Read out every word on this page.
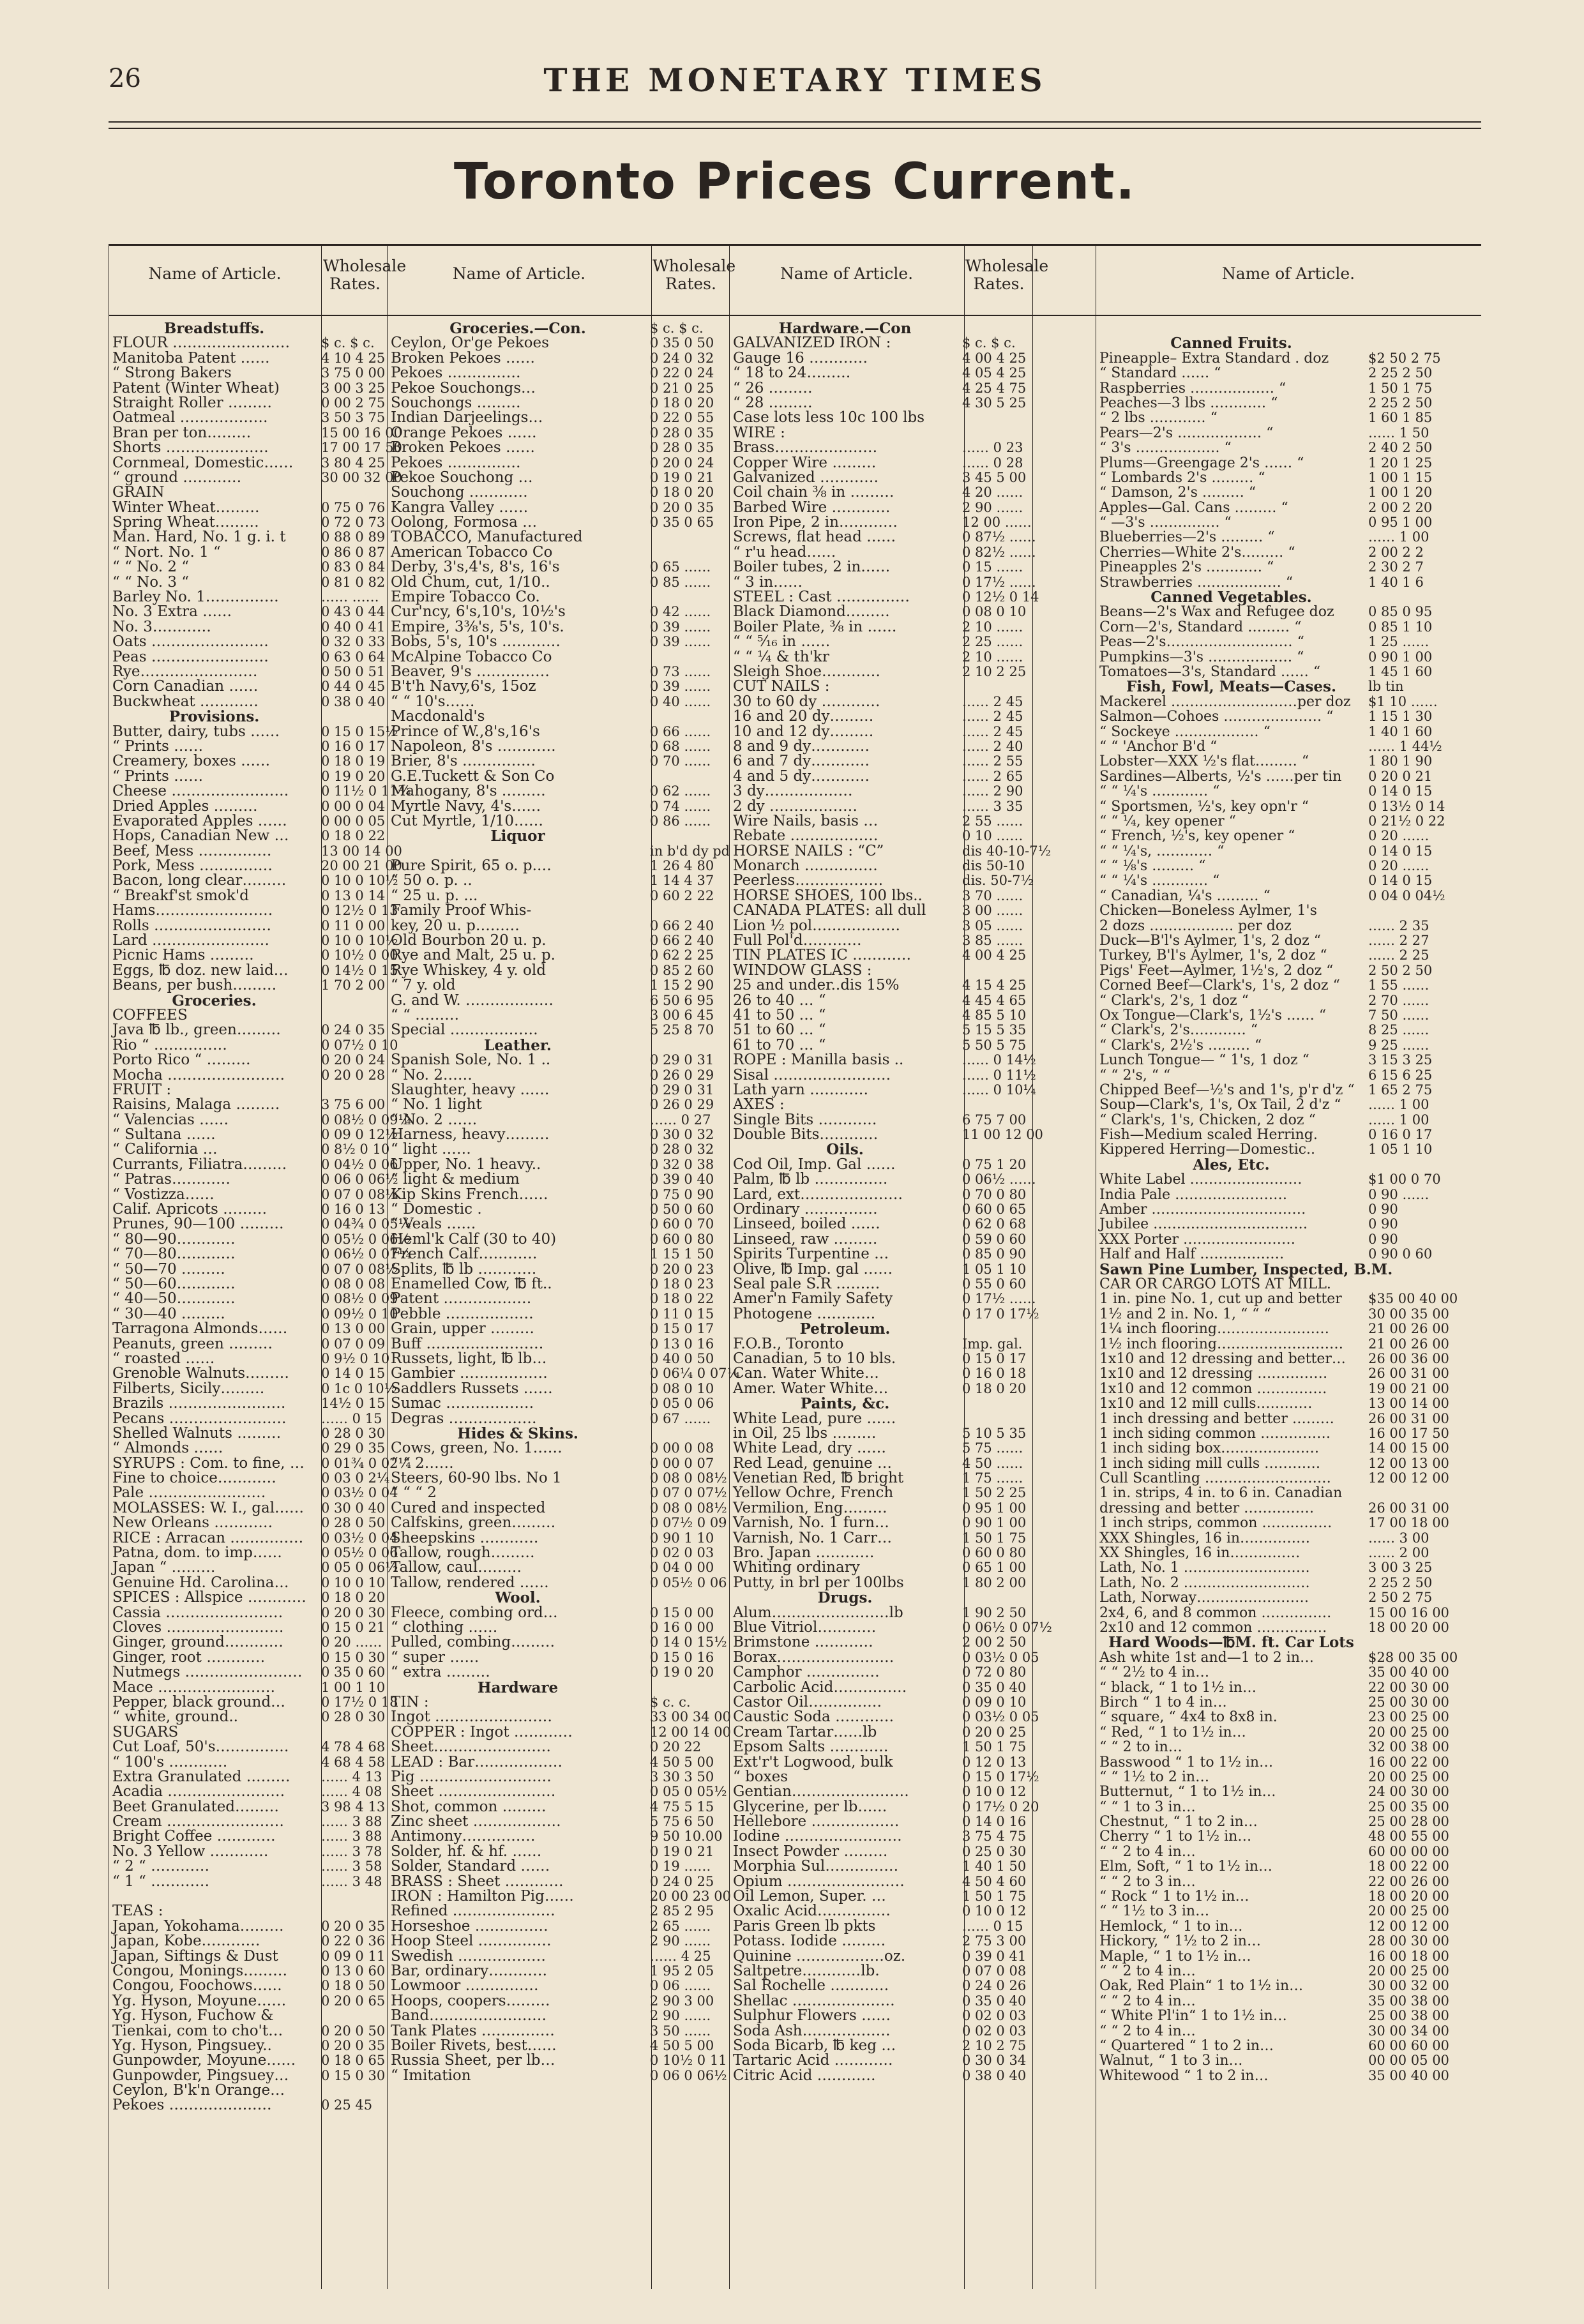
26	THE MONETARY TIMES
Toronto Prices Current.
Name of Article.	Wholesale Rates.
Name of Article.	Wholesale Rates.
Name of Article.	Wholesale Rates.
Name of Article.
Breadstuffs.
FLOUR ……………………	$ c. $ c.
Manitoba Patent ……	4 10 4 25
“ Strong Bakers	3 75 0 00
Patent (Winter Wheat)	3 00 3 25
Straight Roller ………	0 00 2 75
Oatmeal ………………	3 50 3 75
Bran per ton………	15 00 16 00
Shorts …………………	17 00 17 50
Cornmeal, Domestic……	3 80 4 25
“ ground …………	30 00 32 00
GRAIN
Winter Wheat………	0 75 0 76
Spring Wheat………	0 72 0 73
Man. Hard, No. 1 g. i. t	0 88 0 89
“ Nort. No. 1 “	0 86 0 87
“ “ No. 2 “	0 83 0 84
“ “ No. 3 “	0 81 0 82
Barley No. 1……………	…… ……
No. 3 Extra ……	0 43 0 44
No. 3…………	0 40 0 41
Oats ……………………	0 32 0 33
Peas ……………………	0 63 0 64
Rye……………………	0 50 0 51
Corn Canadian ……	0 44 0 45
Buckwheat …………	0 38 0 40
Provisions.
Butter, dairy, tubs ……	0 15 0 15½
“ Prints ……	0 16 0 17
Creamery, boxes ……	0 18 0 19
“ Prints ……	0 19 0 20
Cheese ……………………	0 11½ 0 11¾
Dried Apples ………	0 00 0 04
Evaporated Apples ……	0 00 0 05
Hops, Canadian New …	0 18 0 22
Beef, Mess ……………	13 00 14 00
Pork, Mess ……………	20 00 21 00
Bacon, long clear………	0 10 0 10½
“ Breakf'st smok'd	0 13 0 14
Hams……………………	0 12½ 0 13
Rolls ……………………	0 11 0 00
Lard ……………………	0 10 0 10½
Picnic Hams ………	0 10½ 0 00
Eggs, ℔ doz. new laid…	0 14½ 0 15
Beans, per bush………	1 70 2 00
Groceries.
COFFEES
Java ℔ lb., green………	0 24 0 35
Rio “ ……………	0 07½ 0 10
Porto Rico “ ………	0 20 0 24
Mocha ……………………	0 20 0 28
FRUIT :
Raisins, Malaga ………	3 75 6 00
“ Valencias ……	0 08½ 0 09¼
“ Sultana ……	0 09 0 12½
“ California …	0 8½ 0 10
Currants, Filiatra………	0 04½ 0 06
“ Patras…………	0 06 0 06½
“ Vostizza……	0 07 0 08¼
Calif. Apricots ………	0 16 0 13
Prunes, 90—100 ………	0 04¾ 0 05¼
“ 80—90…………	0 05½ 0 06½
“ 70—80…………	0 06½ 0 07¼
“ 50—70 ………	0 07 0 08½
“ 50—60…………	0 08 0 08
“ 40—50…………	0 08½ 0 09
“ 30—40 ………	0 09½ 0 10
Tarragona Almonds……	0 13 0 00
Peanuts, green ………	0 07 0 09
“ roasted ……	0 9½ 0 10
Grenoble Walnuts………	0 14 0 15
Filberts, Sicily………	0 1c 0 10½
Brazils ……………………	14½ 0 15
Pecans ……………………	…… 0 15
Shelled Walnuts ………	0 28 0 30
“ Almonds ……	0 29 0 35
SYRUPS : Com. to fine, …	0 01¾ 0 02¼
Fine to choice…………	0 03 0 2¼
Pale ……………………	0 03½ 0 04
MOLASSES: W. I., gal……	0 30 0 40
New Orleans …………	0 28 0 50
RICE : Arracan ……………	0 03½ 0 04
Patna, dom. to imp……	0 05½ 0 06
Japan “ ………	0 05 0 06½
Genuine Hd. Carolina…	0 10 0 10
SPICES : Allspice …………	0 18 0 20
Cassia ……………………	0 20 0 30
Cloves ……………………	0 15 0 21
Ginger, ground…………	0 20 ……
Ginger, root …………	0 15 0 30
Nutmegs ……………………	0 35 0 60
Mace ……………………	1 00 1 10
Pepper, black ground…	0 17½ 0 18
“ white, ground..	0 28 0 30
SUGARS
Cut Loaf, 50's……………	4 78 4 68
“ 100's …………	4 68 4 58
Extra Granulated ………	…… 4 13
Acadia ……………………	…… 4 08
Beet Granulated………	3 98 4 13
Cream ……………………	…… 3 88
Bright Coffee …………	…… 3 88
No. 3 Yellow …………	…… 3 78
“ 2 “ …………	…… 3 58
“ 1 “ …………	…… 3 48
TEAS :
Japan, Yokohama………	0 20 0 35
Japan, Kobe…………	0 22 0 36
Japan, Siftings & Dust	0 09 0 11
Congou, Monings………	0 13 0 60
Congou, Foochows……	0 18 0 50
Yg. Hyson, Moyune……	0 20 0 65
Yg. Hyson, Fuchow &
Tienkai, com to cho't…	0 20 0 50
Yg. Hyson, Pingsuey..	0 20 0 35
Gunpowder, Moyune……	0 18 0 65
Gunpowder, Pingsuey…	0 15 0 30
Ceylon, B'k'n Orange…
Pekoes …………………	0 25 45
Groceries.—Con.	$ c. $ c.
Ceylon, Or'ge Pekoes	0 35 0 50
Broken Pekoes ……	0 24 0 32
Pekoes ……………	0 22 0 24
Pekoe Souchongs…	0 21 0 25
Souchongs ………	0 18 0 20
Indian Darjeelings…	0 22 0 55
Orange Pekoes ……	0 28 0 35
Broken Pekoes ……	0 28 0 35
Pekoes ……………	0 20 0 24
Pekoe Souchong …	0 19 0 21
Souchong …………	0 18 0 20
Kangra Valley ……	0 20 0 35
Oolong, Formosa …	0 35 0 65
TOBACCO, Manufactured
American Tobacco Co
Derby, 3's,4's, 8's, 16's	0 65 ……
Old Chum, cut, 1/10..	0 85 ……
Empire Tobacco Co.
Cur'ncy, 6's,10's, 10½'s	0 42 ……
Empire, 3⅜'s, 5's, 10's.	0 39 ……
Bobs, 5's, 10's …………	0 39 ……
McAlpine Tobacco Co
Beaver, 9's ……………	0 73 ……
B't'h Navy,6's, 15oz	0 39 ……
“ “ 10's……	0 40 ……
Macdonald's
Prince of W.,8's,16's	0 66 ……
Napoleon, 8's …………	0 68 ……
Brier, 8's ……………	0 70 ……
G.E.Tuckett & Son Co
Mahogany, 8's ………	0 62 ……
Myrtle Navy, 4's……	0 74 ……
Cut Myrtle, 1/10……	0 86 ……
Liquor
in b'd dy pd
Pure Spirit, 65 o. p.…	1 26 4 80
“ 50 o. p. ..	1 14 4 37
“ 25 u. p. ...	0 60 2 22
Family Proof Whis-
key, 20 u. p………	0 66 2 40
Old Bourbon 20 u. p.	0 66 2 40
Rye and Malt, 25 u. p.	0 62 2 25
Rye Whiskey, 4 y. old	0 85 2 60
“ 7 y. old	1 15 2 90
G. and W. ………………	6 50 6 95
“ “ ………	3 00 6 45
Special ………………	5 25 8 70
Leather.
Spanish Sole, No. 1 ..	0 29 0 31
“ No. 2……	0 26 0 29
Slaughter, heavy ……	0 29 0 31
“ No. 1 light	0 26 0 29
“ No. 2 ……	…… 0 27
Harness, heavy………	0 30 0 32
“ light ……	0 28 0 32
Upper, No. 1 heavy..	0 32 0 38
“ light & medium	0 39 0 40
Kip Skins French……	0 75 0 90
“ Domestic .	0 50 0 60
“ Veals ……	0 60 0 70
Heml'k Calf (30 to 40)	0 60 0 80
French Calf…………	1 15 1 50
Splits, ℔ lb …………	0 20 0 23
Enamelled Cow, ℔ ft..	0 18 0 23
Patent ………………	0 18 0 22
Pebble ………………	0 11 0 15
Grain, upper ………	0 15 0 17
Buff ……………………	0 13 0 16
Russets, light, ℔ lb…	0 40 0 50
Gambier ………………	0 06¼ 0 07¼
Saddlers Russets ……	0 08 0 10
Sumac ………………	0 05 0 06
Degras ………………	0 67 ……
Hides & Skins.
Cows, green, No. 1……	0 00 0 08
“ “ 2……	0 00 0 07
Steers, 60-90 lbs. No 1	0 08 0 08½
“ “ “ 2	0 07 0 07½
Cured and inspected	0 08 0 08½
Calfskins, green………	0 07½ 0 09
Sheepskins …………	0 90 1 10
Tallow, rough………	0 02 0 03
Tallow, caul………	0 04 0 00
Tallow, rendered ……	0 05½ 0 06
Wool.
Fleece, combing ord…	0 15 0 00
“ clothing ……	0 16 0 00
Pulled, combing………	0 14 0 15½
“ super ……	0 15 0 16
“ extra ………	0 19 0 20
Hardware
TIN :	$ c. c.
Ingot ……………………	33 00 34 00
COPPER : Ingot …………	12 00 14 00
Sheet……………………	0 20 22
LEAD : Bar………………	4 50 5 00
Pig ………………………	3 30 3 50
Sheet ……………………	0 05 0 05½
Shot, common ………	4 75 5 15
Zinc sheet ………………	5 75 6 50
Antimony……………	9 50 10.00
Solder, hf. & hf. ……	0 19 0 21
Solder, Standard ……	0 19 ……
BRASS : Sheet …………	0 24 0 25
IRON : Hamilton Pig……	20 00 23 00
Refined …………………	2 85 2 95
Horseshoe ……………	2 65 ……
Hoop Steel ……………	2 90 ……
Swedish ………………	…… 4 25
Bar, ordinary…………	1 95 2 05
Lowmoor ……………	0 06 ……
Hoops, coopers………	2 90 3 00
Band……………………	2 90 ……
Tank Plates ……………	3 50 ……
Boiler Rivets, best……	4 50 5 00
Russia Sheet, per lb…	0 10½ 0 11
“ Imitation	0 06 0 06½
Hardware.—Con
GALVANIZED IRON :	$ c. $ c.
Gauge 16 …………	4 00 4 25
“ 18 to 24………	4 05 4 25
“ 26 ………	4 25 4 75
“ 28 ………	4 30 5 25
Case lots less 10c 100 lbs
WIRE :
Brass…………………	…… 0 23
Copper Wire ………	…… 0 28
Galvanized …………	3 45 5 00
Coil chain ⅜ in ………	4 20 ……
Barbed Wire …………	2 90 ……
Iron Pipe, 2 in…………	12 00 ……
Screws, flat head ……	0 87½ ……
“ r'u head……	0 82½ ……
Boiler tubes, 2 in……	0 15 ……
“ 3 in……	0 17½ ……
STEEL : Cast ……………	0 12½ 0 14
Black Diamond………	0 08 0 10
Boiler Plate, ⅜ in ……	2 10 ……
“ “ ⁵⁄₁₆ in ……	2 25 ……
“ “ ¼ & th'kr	2 10 ……
Sleigh Shoe…………	2 10 2 25
CUT NAILS :
30 to 60 dy …………	…… 2 45
16 and 20 dy………	…… 2 45
10 and 12 dy………	…… 2 45
8 and 9 dy…………	…… 2 40
6 and 7 dy…………	…… 2 55
4 and 5 dy…………	…… 2 65
3 dy………………	…… 2 90
2 dy ………………	…… 3 35
Wire Nails, basis …	2 55 ……
Rebate ………………	0 10 ……
HORSE NAILS : “C”	dis 40-10-7½
Monarch ……………	dis 50-10
Peerless………………	dis. 50-7½
HORSE SHOES, 100 lbs..	3 70 ……
CANADA PLATES: all dull	3 00 ……
Lion ½ pol………………	3 05 ……
Full Pol'd…………	3 85 ……
TIN PLATES IC …………	4 00 4 25
WINDOW GLASS :
25 and under..dis 15%	4 15 4 25
26 to 40 … “	4 45 4 65
41 to 50 … “	4 85 5 10
51 to 60 … “	5 15 5 35
61 to 70 … “	5 50 5 75
ROPE : Manilla basis ..	…… 0 14½
Sisal ……………………	…… 0 11½
Lath yarn …………	…… 0 10¼
AXES :
Single Bits …………	6 75 7 00
Double Bits…………	11 00 12 00
Oils.
Cod Oil, Imp. Gal ……	0 75 1 20
Palm, ℔ lb ……………	0 06½ ……
Lard, ext…………………	0 70 0 80
Ordinary ……………	0 60 0 65
Linseed, boiled ……	0 62 0 68
Linseed, raw ………	0 59 0 60
Spirits Turpentine …	0 85 0 90
Olive, ℔ Imp. gal ……	1 05 1 10
Seal pale S.R ………	0 55 0 60
Amer'n Family Safety	0 17½ ……
Photogene …………	0 17 0 17½
Petroleum.
F.O.B., Toronto	Imp. gal.
Canadian, 5 to 10 bls.	0 15 0 17
Can. Water White…	0 16 0 18
Amer. Water White…	0 18 0 20
Paints, &c.
White Lead, pure ……
in Oil, 25 lbs ………	5 10 5 35
White Lead, dry ……	5 75 ……
Red Lead, genuine …	4 50 ……
Venetian Red, ℔ bright	1 75 ……
Yellow Ochre, French	1 50 2 25
Vermilion, Eng………	0 95 1 00
Varnish, No. 1 furn…	0 90 1 00
Varnish, No. 1 Carr…	1 50 1 75
Bro. Japan …………	0 60 0 80
Whiting ordinary	0 65 1 00
Putty, in brl per 100lbs	1 80 2 00
Drugs.
Alum……………………lb	1 90 2 50
Blue Vitriol…………	0 06½ 0 07½
Brimstone …………	2 00 2 50
Borax……………………	0 03½ 0 05
Camphor ……………	0 72 0 80
Carbolic Acid……………	0 35 0 40
Castor Oil……………	0 09 0 10
Caustic Soda …………	0 03½ 0 05
Cream Tartar……lb	0 20 0 25
Epsom Salts …………	1 50 1 75
Ext'r't Logwood, bulk	0 12 0 13
“ boxes	0 15 0 17½
Gentian……………………	0 10 0 12
Glycerine, per lb……	0 17½ 0 20
Hellebore ………………	0 14 0 16
Iodine ……………………	3 75 4 75
Insect Powder ………	0 25 0 30
Morphia Sul……………	1 40 1 50
Opium ……………………	4 50 4 60
Oil Lemon, Super. …	1 50 1 75
Oxalic Acid……………	0 10 0 12
Paris Green lb pkts	…… 0 15
Potass. Iodide ………	2 75 3 00
Quinine ………………oz.	0 39 0 41
Saltpetre…………lb.	0 07 0 08
Sal Rochelle …………	0 24 0 26
Shellac …………………	0 35 0 40
Sulphur Flowers ……	0 02 0 03
Soda Ash………………	0 02 0 03
Soda Bicarb, ℔ keg …	2 10 2 75
Tartaric Acid …………	0 30 0 34
Citric Acid …………	0 38 0 40
Canned Fruits.
Pineapple– Extra Standard . doz	$2 50 2 75
“ Standard …… “	2 25 2 50
Raspberries ……………… “	1 50 1 75
Peaches—3 lbs ………… “	2 25 2 50
“ 2 lbs ………… “	1 60 1 85
Pears—2's ……………… “	…… 1 50
“ 3's ……………… “	2 40 2 50
Plums—Greengage 2's …… “	1 20 1 25
“ Lombards 2's ……… “	1 00 1 15
“ Damson, 2's ……… “	1 00 1 20
Apples—Gal. Cans ……… “	2 00 2 20
“ —3's …………… “	0 95 1 00
Blueberries—2's ……… “	…… 1 00
Cherries—White 2's……… “	2 00 2 2
Pineapples 2's ………… “	2 30 2 7
Strawberries ……………… “	1 40 1 6
Canned Vegetables.
Beans—2's Wax and Refugee doz	0 85 0 95
Corn—2's, Standard ……… “	0 85 1 10
Peas—2's……………………… “	1 25 ……
Pumpkins—3's ……………… “	0 90 1 00
Tomatoes—3's, Standard …… “	1 45 1 60
Fish, Fowl, Meats—Cases.	lb tin
Mackerel ………………………per doz	$1 10 ……
Salmon—Cohoes ………………… “	1 15 1 30
“ Sockeye ……………… “	1 40 1 60
“ “ 'Anchor B'd “	…… 1 44½
Lobster—XXX ½'s flat……… “	1 80 1 90
Sardines—Alberts, ½'s ……per tin	0 20 0 21
“ “ ¼'s ………… “	0 14 0 15
“ Sportsmen, ½'s, key opn'r “	0 13½ 0 14
“ “ ¼, key opener “	0 21½ 0 22
“ French, ½'s, key opener “	0 20 ……
“ “ ¼'s, ………… “	0 14 0 15
“ “ ⅛'s ……… “	0 20 ……
“ “ ¼'s ………… “	0 14 0 15
“ Canadian, ¼'s ……… “	0 04 0 04½
Chicken—Boneless Aylmer, 1's
2 dozs ……………… per doz	…… 2 35
Duck—B'l's Aylmer, 1's, 2 doz “	…… 2 27
Turkey, B'l's Aylmer, 1's, 2 doz “	…… 2 25
Pigs' Feet—Aylmer, 1½'s, 2 doz “	2 50 2 50
Corned Beef—Clark's, 1's, 2 doz “	1 55 ……
“ Clark's, 2's, 1 doz “	2 70 ……
Ox Tongue—Clark's, 1½'s …… “	7 50 ……
“ Clark's, 2's………… “	8 25 ……
“ Clark's, 2½'s ……… “	9 25 ……
Lunch Tongue— “ 1's, 1 doz “	3 15 3 25
“ “ 2's, “ “	6 15 6 25
Chipped Beef—½'s and 1's, p'r d'z “	1 65 2 75
Soup—Clark's, 1's, Ox Tail, 2 d'z “	…… 1 00
“ Clark's, 1's, Chicken, 2 doz “	…… 1 00
Fish—Medium scaled Herring.	0 16 0 17
Kippered Herring—Domestic..	1 05 1 10
Ales, Etc.
White Label ……………………	$1 00 0 70
India Pale ……………………	0 90 ……
Amber ……………………………	0 90
Jubilee ……………………………	0 90
XXX Porter ……………………	0 90
Half and Half ………………	0 90 0 60
Sawn Pine Lumber, Inspected, B.M.
CAR OR CARGO LOTS AT MILL.
1 in. pine No. 1, cut up and better	$35 00 40 00
1½ and 2 in. No. 1, “ “ “	30 00 35 00
1¼ inch flooring……………………	21 00 26 00
1½ inch flooring………………………	21 00 26 00
1x10 and 12 dressing and better…	26 00 36 00
1x10 and 12 dressing ……………	26 00 31 00
1x10 and 12 common ……………	19 00 21 00
1x10 and 12 mill culls…………	13 00 14 00
1 inch dressing and better ………	26 00 31 00
1 inch siding common ……………	16 00 17 50
1 inch siding box…………………	14 00 15 00
1 inch siding mill culls …………	12 00 13 00
Cull Scantling ………………………	12 00 12 00
1 in. strips, 4 in. to 6 in. Canadian
dressing and better ……………	26 00 31 00
1 inch strips, common ……………	17 00 18 00
XXX Shingles, 16 in……………	…… 3 00
XX Shingles, 16 in……………	…… 2 00
Lath, No. 1 ………………………	3 00 3 25
Lath, No. 2 ………………………	2 25 2 50
Lath, Norway……………………	2 50 2 75
2x4, 6, and 8 common ……………	15 00 16 00
2x10 and 12 common ……………	18 00 20 00
Hard Woods—℔M. ft. Car Lots
Ash white 1st and—1 to 2 in…	$28 00 35 00
“ “ 2½ to 4 in…	35 00 40 00
“ black, “ 1 to 1½ in…	22 00 30 00
Birch “ 1 to 4 in…	25 00 30 00
“ square, “ 4x4 to 8x8 in.	23 00 25 00
“ Red, “ 1 to 1½ in…	20 00 25 00
“ “ 2 to in…	32 00 38 00
Basswood “ 1 to 1½ in…	16 00 22 00
“ “ 1½ to 2 in…	20 00 25 00
Butternut, “ 1 to 1½ in…	24 00 30 00
“ “ 1 to 3 in…	25 00 35 00
Chestnut, “ 1 to 2 in…	25 00 28 00
Cherry “ 1 to 1½ in…	48 00 55 00
“ “ 2 to 4 in…	60 00 00 00
Elm, Soft, “ 1 to 1½ in…	18 00 22 00
“ “ 2 to 3 in…	22 00 26 00
“ Rock “ 1 to 1½ in…	18 00 20 00
“ “ 1½ to 3 in…	20 00 25 00
Hemlock, “ 1 to in…	12 00 12 00
Hickory, “ 1½ to 2 in…	28 00 30 00
Maple, “ 1 to 1½ in…	16 00 18 00
“ “ 2 to 4 in…	20 00 25 00
Oak, Red Plain“ 1 to 1½ in…	30 00 32 00
“ “ 2 to 4 in…	35 00 38 00
“ White Pl'in“ 1 to 1½ in…	25 00 38 00
“ “ 2 to 4 in…	30 00 34 00
“ Quartered “ 1 to 2 in…	60 00 60 00
Walnut, “ 1 to 3 in…	00 00 05 00
Whitewood “ 1 to 2 in…	35 00 40 00
